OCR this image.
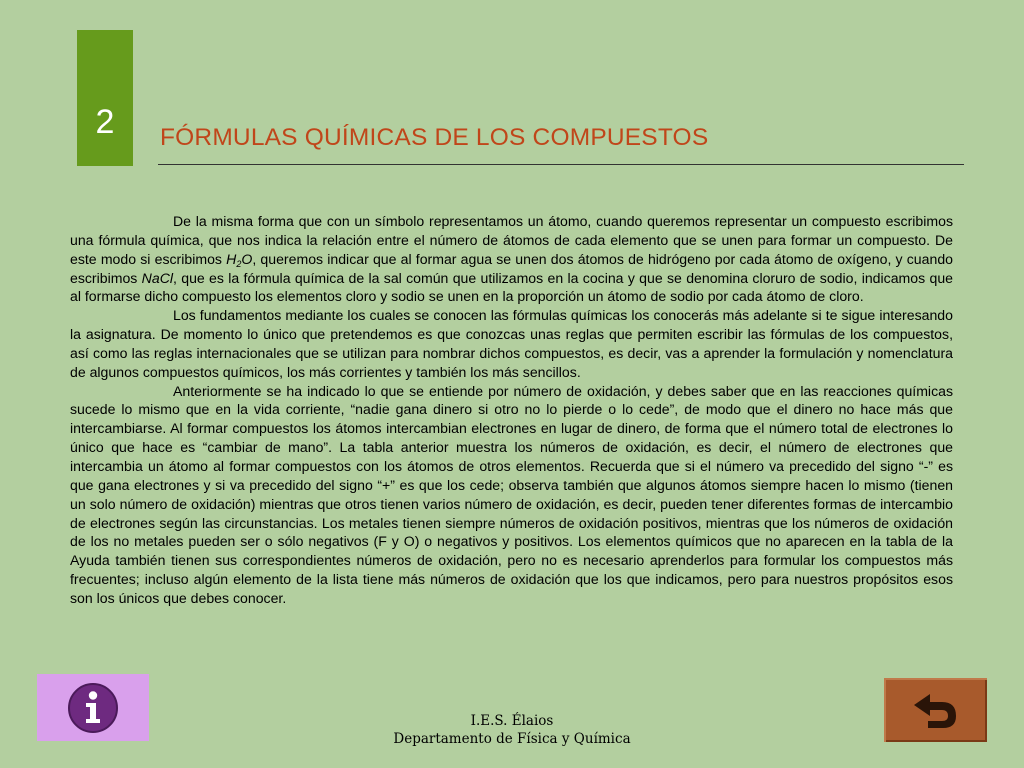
2	FÓRMULAS QUÍMICAS DE LOS COMPUESTOS

De la misma forma que con un símbolo representamos un átomo, cuando queremos representar un compuesto escribimos una fórmula química, que nos indica la relación entre el número de átomos de cada elemento que se unen para formar un compuesto. De este modo si escribimos $H_2O$, queremos indicar que al formar agua se unen dos átomos de hidrógeno por cada átomo de oxígeno, y cuando escribimos NaCl, que es la fórmula química de la sal común que utilizamos en la cocina y que se denomina cloruro de sodio, indicamos que al formarse dicho compuesto los elementos cloro y sodio se unen en la proporción un átomo de sodio por cada átomo de cloro.

Los fundamentos mediante los cuales se conocen las fórmulas químicas los conocerás más adelante si te sigue interesando la asignatura. De momento lo único que pretendemos es que conozcas unas reglas que permiten escribir las fórmulas de los compuestos, así como las reglas internacionales que se utilizan para nombrar dichos compuestos, es decir, vas a aprender la formulación y nomenclatura de algunos compuestos químicos, los más corrientes y también los más sencillos.

Anteriormente se ha indicado lo que se entiende por número de oxidación, y debes saber que en las reacciones químicas sucede lo mismo que en la vida corriente, “nadie gana dinero si otro no lo pierde o lo cede”, de modo que el dinero no hace más que intercambiarse. Al formar compuestos los átomos intercambian electrones en lugar de dinero, de forma que el número total de electrones lo único que hace es “cambiar de mano”. La tabla anterior muestra los números de oxidación, es decir, el número de electrones que intercambia un átomo al formar compuestos con los átomos de otros elementos. Recuerda que si el número va precedido del signo “-” es que gana electrones y si va precedido del signo “+” es que los cede; observa también que algunos átomos siempre hacen lo mismo (tienen un solo número de oxidación) mientras que otros tienen varios número de oxidación, es decir, pueden tener diferentes formas de intercambio de electrones según las circunstancias. Los metales tienen siempre números de oxidación positivos, mientras que los números de oxidación de los no metales pueden ser o sólo negativos (F y O) o negativos y positivos. Los elementos químicos que no aparecen en la tabla de la Ayuda también tienen sus correspondientes números de oxidación, pero no es necesario aprenderlos para formular los compuestos más frecuentes; incluso algún elemento de la lista tiene más números de oxidación que los que indicamos, pero para nuestros propósitos esos son los únicos que debes conocer.

I.E.S. Élaios
Departamento de Física y Química
